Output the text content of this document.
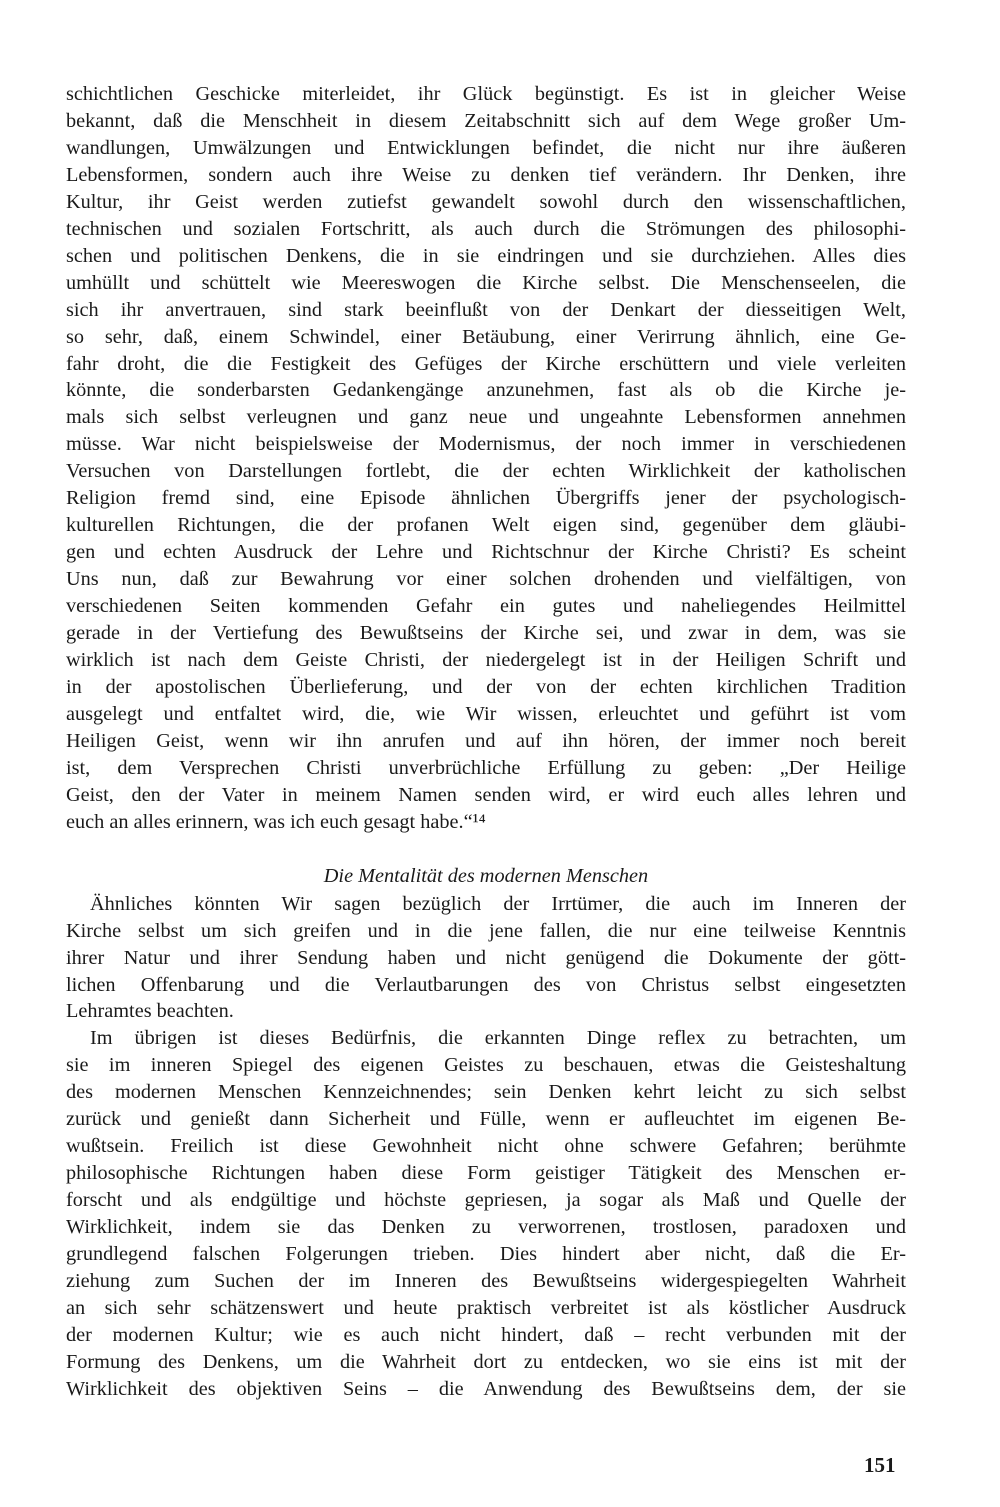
schichtlichen Geschicke miterleidet, ihr Glück begünstigt. Es ist in gleicher Weise
bekannt, daß die Menschheit in diesem Zeitabschnitt sich auf dem Wege großer Um-
wandlungen, Umwälzungen und Entwicklungen befindet, die nicht nur ihre äußeren
Lebensformen, sondern auch ihre Weise zu denken tief verändern. Ihr Denken, ihre
Kultur, ihr Geist werden zutiefst gewandelt sowohl durch den wissenschaftlichen,
technischen und sozialen Fortschritt, als auch durch die Strömungen des philosophi-
schen und politischen Denkens, die in sie eindringen und sie durchziehen. Alles dies
umhüllt und schüttelt wie Meereswogen die Kirche selbst. Die Menschenseelen, die
sich ihr anvertrauen, sind stark beeinflußt von der Denkart der diesseitigen Welt,
so sehr, daß, einem Schwindel, einer Betäubung, einer Verirrung ähnlich, eine Ge-
fahr droht, die die Festigkeit des Gefüges der Kirche erschüttern und viele verleiten
könnte, die sonderbarsten Gedankengänge anzunehmen, fast als ob die Kirche je-
mals sich selbst verleugnen und ganz neue und ungeahnte Lebensformen annehmen
müsse. War nicht beispielsweise der Modernismus, der noch immer in verschiedenen
Versuchen von Darstellungen fortlebt, die der echten Wirklichkeit der katholischen
Religion fremd sind, eine Episode ähnlichen Übergriffs jener der psychologisch-
kulturellen Richtungen, die der profanen Welt eigen sind, gegenüber dem gläubi-
gen und echten Ausdruck der Lehre und Richtschnur der Kirche Christi? Es scheint
Uns nun, daß zur Bewahrung vor einer solchen drohenden und vielfältigen, von
verschiedenen Seiten kommenden Gefahr ein gutes und naheliegendes Heilmittel
gerade in der Vertiefung des Bewußtseins der Kirche sei, und zwar in dem, was sie
wirklich ist nach dem Geiste Christi, der niedergelegt ist in der Heiligen Schrift und
in der apostolischen Überlieferung, und der von der echten kirchlichen Tradition
ausgelegt und entfaltet wird, die, wie Wir wissen, erleuchtet und geführt ist vom
Heiligen Geist, wenn wir ihn anrufen und auf ihn hören, der immer noch bereit
ist, dem Versprechen Christi unverbrüchliche Erfüllung zu geben: „Der Heilige
Geist, den der Vater in meinem Namen senden wird, er wird euch alles lehren und
euch an alles erinnern, was ich euch gesagt habe.“¹⁴
Die Mentalität des modernen Menschen
Ähnliches könnten Wir sagen bezüglich der Irrtümer, die auch im Inneren der
Kirche selbst um sich greifen und in die jene fallen, die nur eine teilweise Kenntnis
ihrer Natur und ihrer Sendung haben und nicht genügend die Dokumente der gött-
lichen Offenbarung und die Verlautbarungen des von Christus selbst eingesetzten
Lehramtes beachten.
Im übrigen ist dieses Bedürfnis, die erkannten Dinge reflex zu betrachten, um
sie im inneren Spiegel des eigenen Geistes zu beschauen, etwas die Geisteshaltung
des modernen Menschen Kennzeichnendes; sein Denken kehrt leicht zu sich selbst
zurück und genießt dann Sicherheit und Fülle, wenn er aufleuchtet im eigenen Be-
wußtsein. Freilich ist diese Gewohnheit nicht ohne schwere Gefahren; berühmte
philosophische Richtungen haben diese Form geistiger Tätigkeit des Menschen er-
forscht und als endgültige und höchste gepriesen, ja sogar als Maß und Quelle der
Wirklichkeit, indem sie das Denken zu verworrenen, trostlosen, paradoxen und
grundlegend falschen Folgerungen trieben. Dies hindert aber nicht, daß die Er-
ziehung zum Suchen der im Inneren des Bewußtseins widergespiegelten Wahrheit
an sich sehr schätzenswert und heute praktisch verbreitet ist als köstlicher Ausdruck
der modernen Kultur; wie es auch nicht hindert, daß – recht verbunden mit der
Formung des Denkens, um die Wahrheit dort zu entdecken, wo sie eins ist mit der
Wirklichkeit des objektiven Seins – die Anwendung des Bewußtseins dem, der sie
151
